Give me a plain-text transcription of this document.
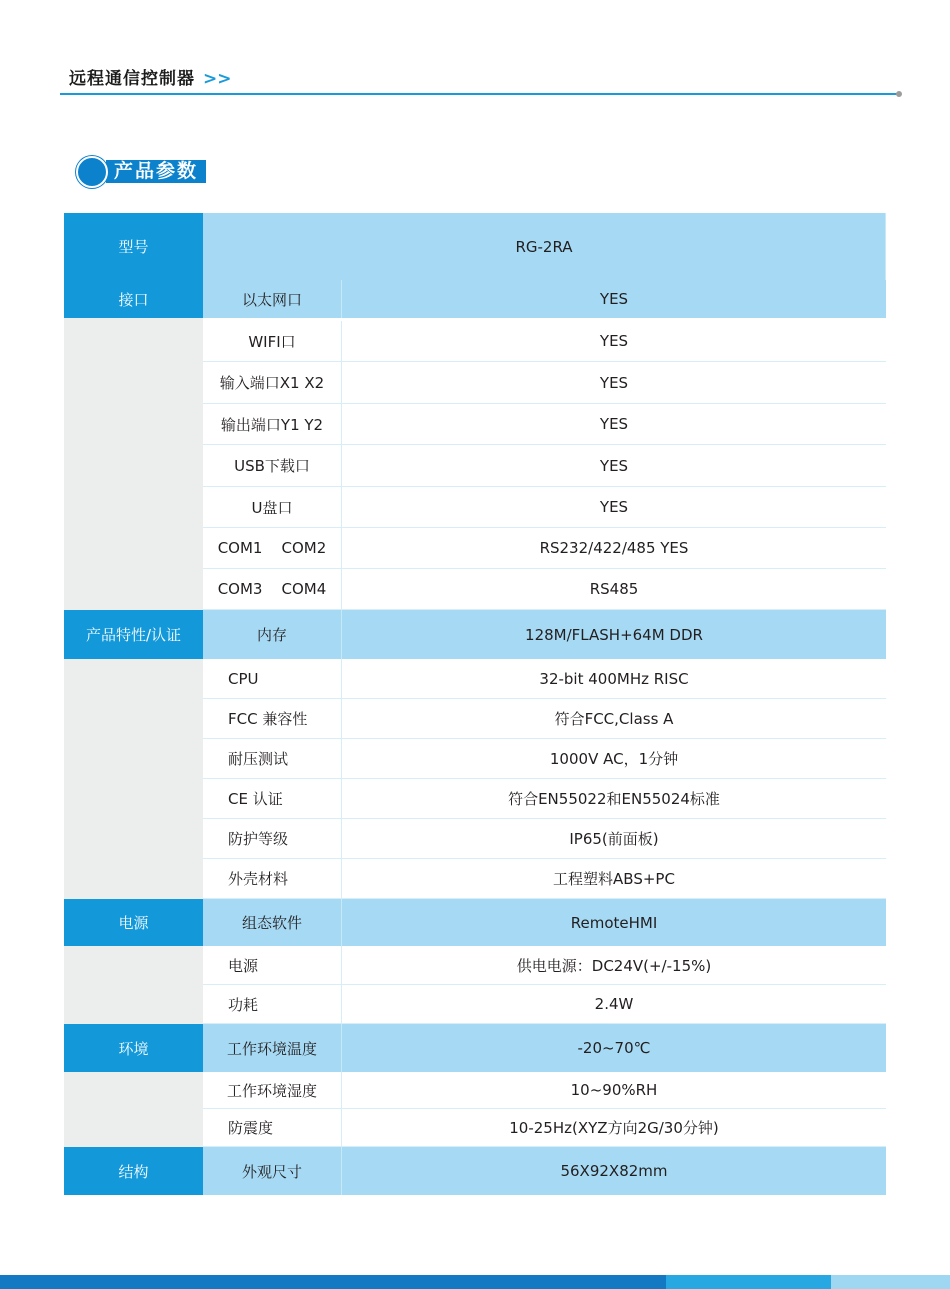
远程通信控制器 >>
产品参数
型号	RG-2RA
接口	以太网口	YES
WIFI口	YES
输入端口X1 X2	YES
输出端口Y1 Y2	YES
USB下载口	YES
U盘口	YES
COM1    COM2	RS232/422/485 YES
COM3    COM4	RS485
产品特性/认证	内存	128M/FLASH+64M DDR
CPU	32-bit 400MHz RISC
FCC 兼容性	符合FCC,Class A
耐压测试	1000V AC，1分钟
CE 认证	符合EN55022和EN55024标准
防护等级	IP65(前面板)
外壳材料	工程塑料ABS+PC
电源	组态软件	RemoteHMI
电源	供电电源：DC24V(+/-15%)
功耗	2.4W
环境	工作环境温度	-20~70℃
工作环境湿度	10~90%RH
防震度	10-25Hz(XYZ方向2G/30分钟)
结构	外观尺寸	56X92X82mm
